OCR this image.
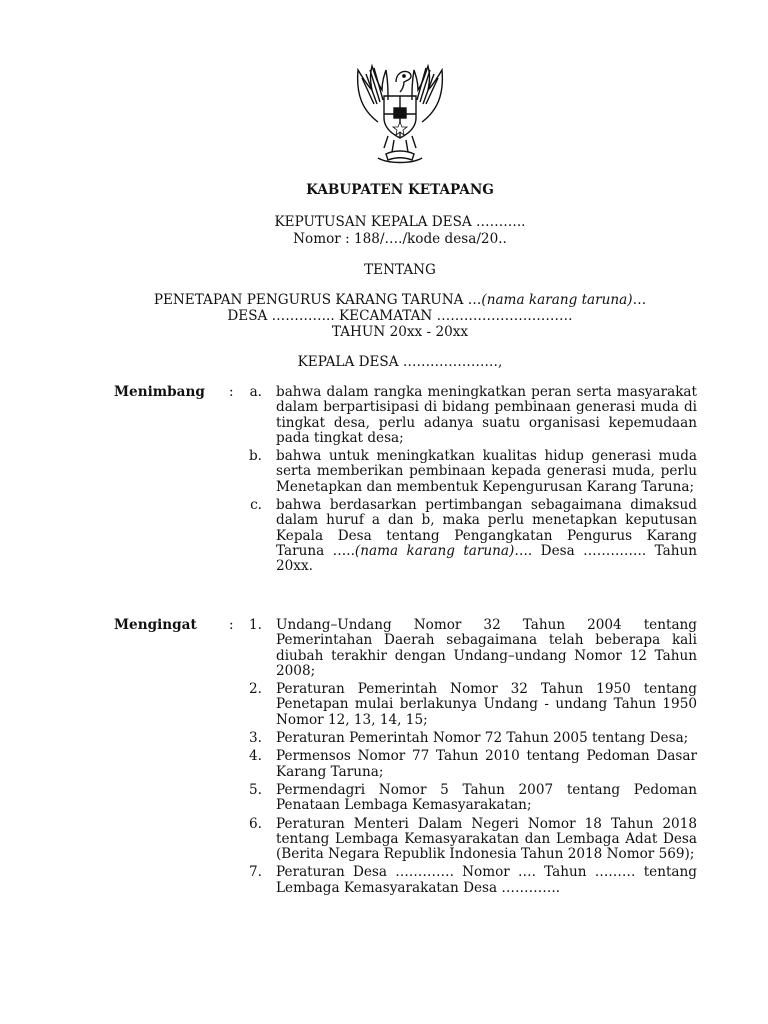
KABUPATEN KETAPANG
KEPUTUSAN KEPALA DESA ………..
Nomor : 188/…./kode desa/20..
TENTANG
PENETAPAN PENGURUS KARANG TARUNA …(nama karang taruna)…
DESA ………….. KECAMATAN …………………………
TAHUN 20xx - 20xx
KEPALA DESA …………………,
Menimbang : a. bahwa dalam rangka meningkatkan peran serta masyarakat dalam berpartisipasi di bidang pembinaan generasi muda di tingkat desa, perlu adanya suatu organisasi kepemudaan pada tingkat desa;
b. bahwa untuk meningkatkan kualitas hidup generasi muda serta memberikan pembinaan kepada generasi muda, perlu Menetapkan dan membentuk Kepengurusan Karang Taruna;
c. bahwa berdasarkan pertimbangan sebagaimana dimaksud dalam huruf a dan b, maka perlu menetapkan keputusan Kepala Desa tentang Pengangkatan Pengurus Karang Taruna …..(nama karang taruna)…. Desa ………….. Tahun 20xx.
Mengingat : 1. Undang–Undang Nomor 32 Tahun 2004 tentang Pemerintahan Daerah sebagaimana telah beberapa kali diubah terakhir dengan Undang–undang Nomor 12 Tahun 2008;
2. Peraturan Pemerintah Nomor 32 Tahun 1950 tentang Penetapan mulai berlakunya Undang - undang Tahun 1950 Nomor 12, 13, 14, 15;
3. Peraturan Pemerintah Nomor 72 Tahun 2005 tentang Desa;
4. Permensos Nomor 77 Tahun 2010 tentang Pedoman Dasar Karang Taruna;
5. Permendagri Nomor 5 Tahun 2007 tentang Pedoman Penataan Lembaga Kemasyarakatan;
6. Peraturan Menteri Dalam Negeri Nomor 18 Tahun 2018 tentang Lembaga Kemasyarakatan dan Lembaga Adat Desa (Berita Negara Republik Indonesia Tahun 2018 Nomor 569);
7. Peraturan Desa …………. Nomor …. Tahun ……… tentang Lembaga Kemasyarakatan Desa ………….
